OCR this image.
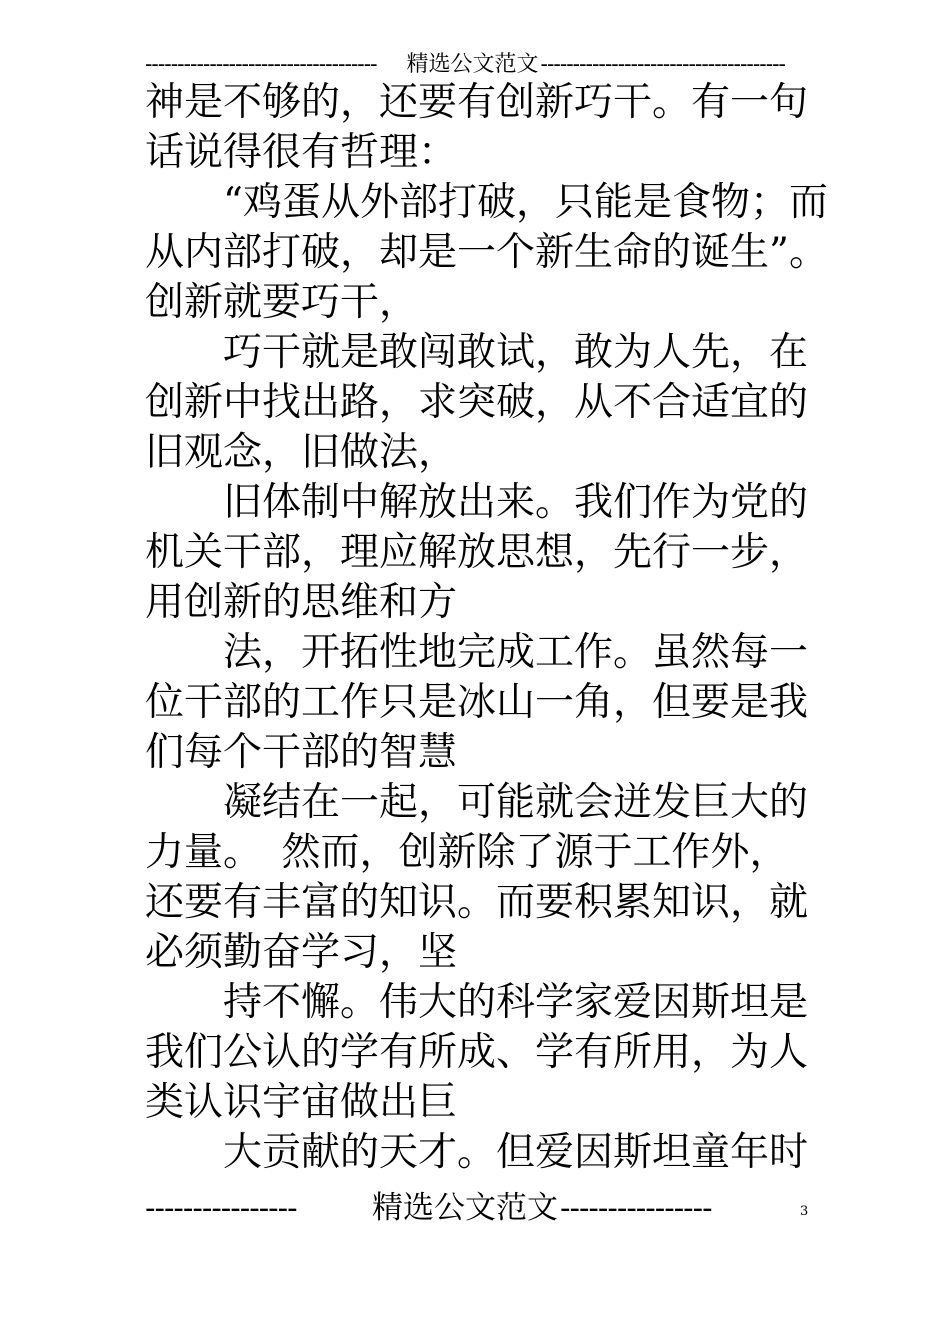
------------------------------------	精选公文范文 --------------------------------------
神是不够的，还要有创新巧干。有一句
话说得很有哲理：
“鸡蛋从外部打破，只能是食物；而
从内部打破，却是一个新生命的诞生”。
创新就要巧干，
巧干就是敢闯敢试，敢为人先，在
创新中找出路，求突破，从不合适宜的
旧观念，旧做法，
旧体制中解放出来。我们作为党的
机关干部，理应解放思想，先行一步，
用创新的思维和方
法，开拓性地完成工作。虽然每一
位干部的工作只是冰山一角，但要是我
们每个干部的智慧
凝结在一起，可能就会迸发巨大的
力量。　然而，创新除了源于工作外，
还要有丰富的知识。而要积累知识，就
必须勤奋学习，坚
持不懈。伟大的科学家爱因斯坦是
我们公认的学有所成、学有所用，为人
类认识宇宙做出巨
大贡献的天才。但爱因斯坦童年时
----------------	精选公文范文 ----------------	3
